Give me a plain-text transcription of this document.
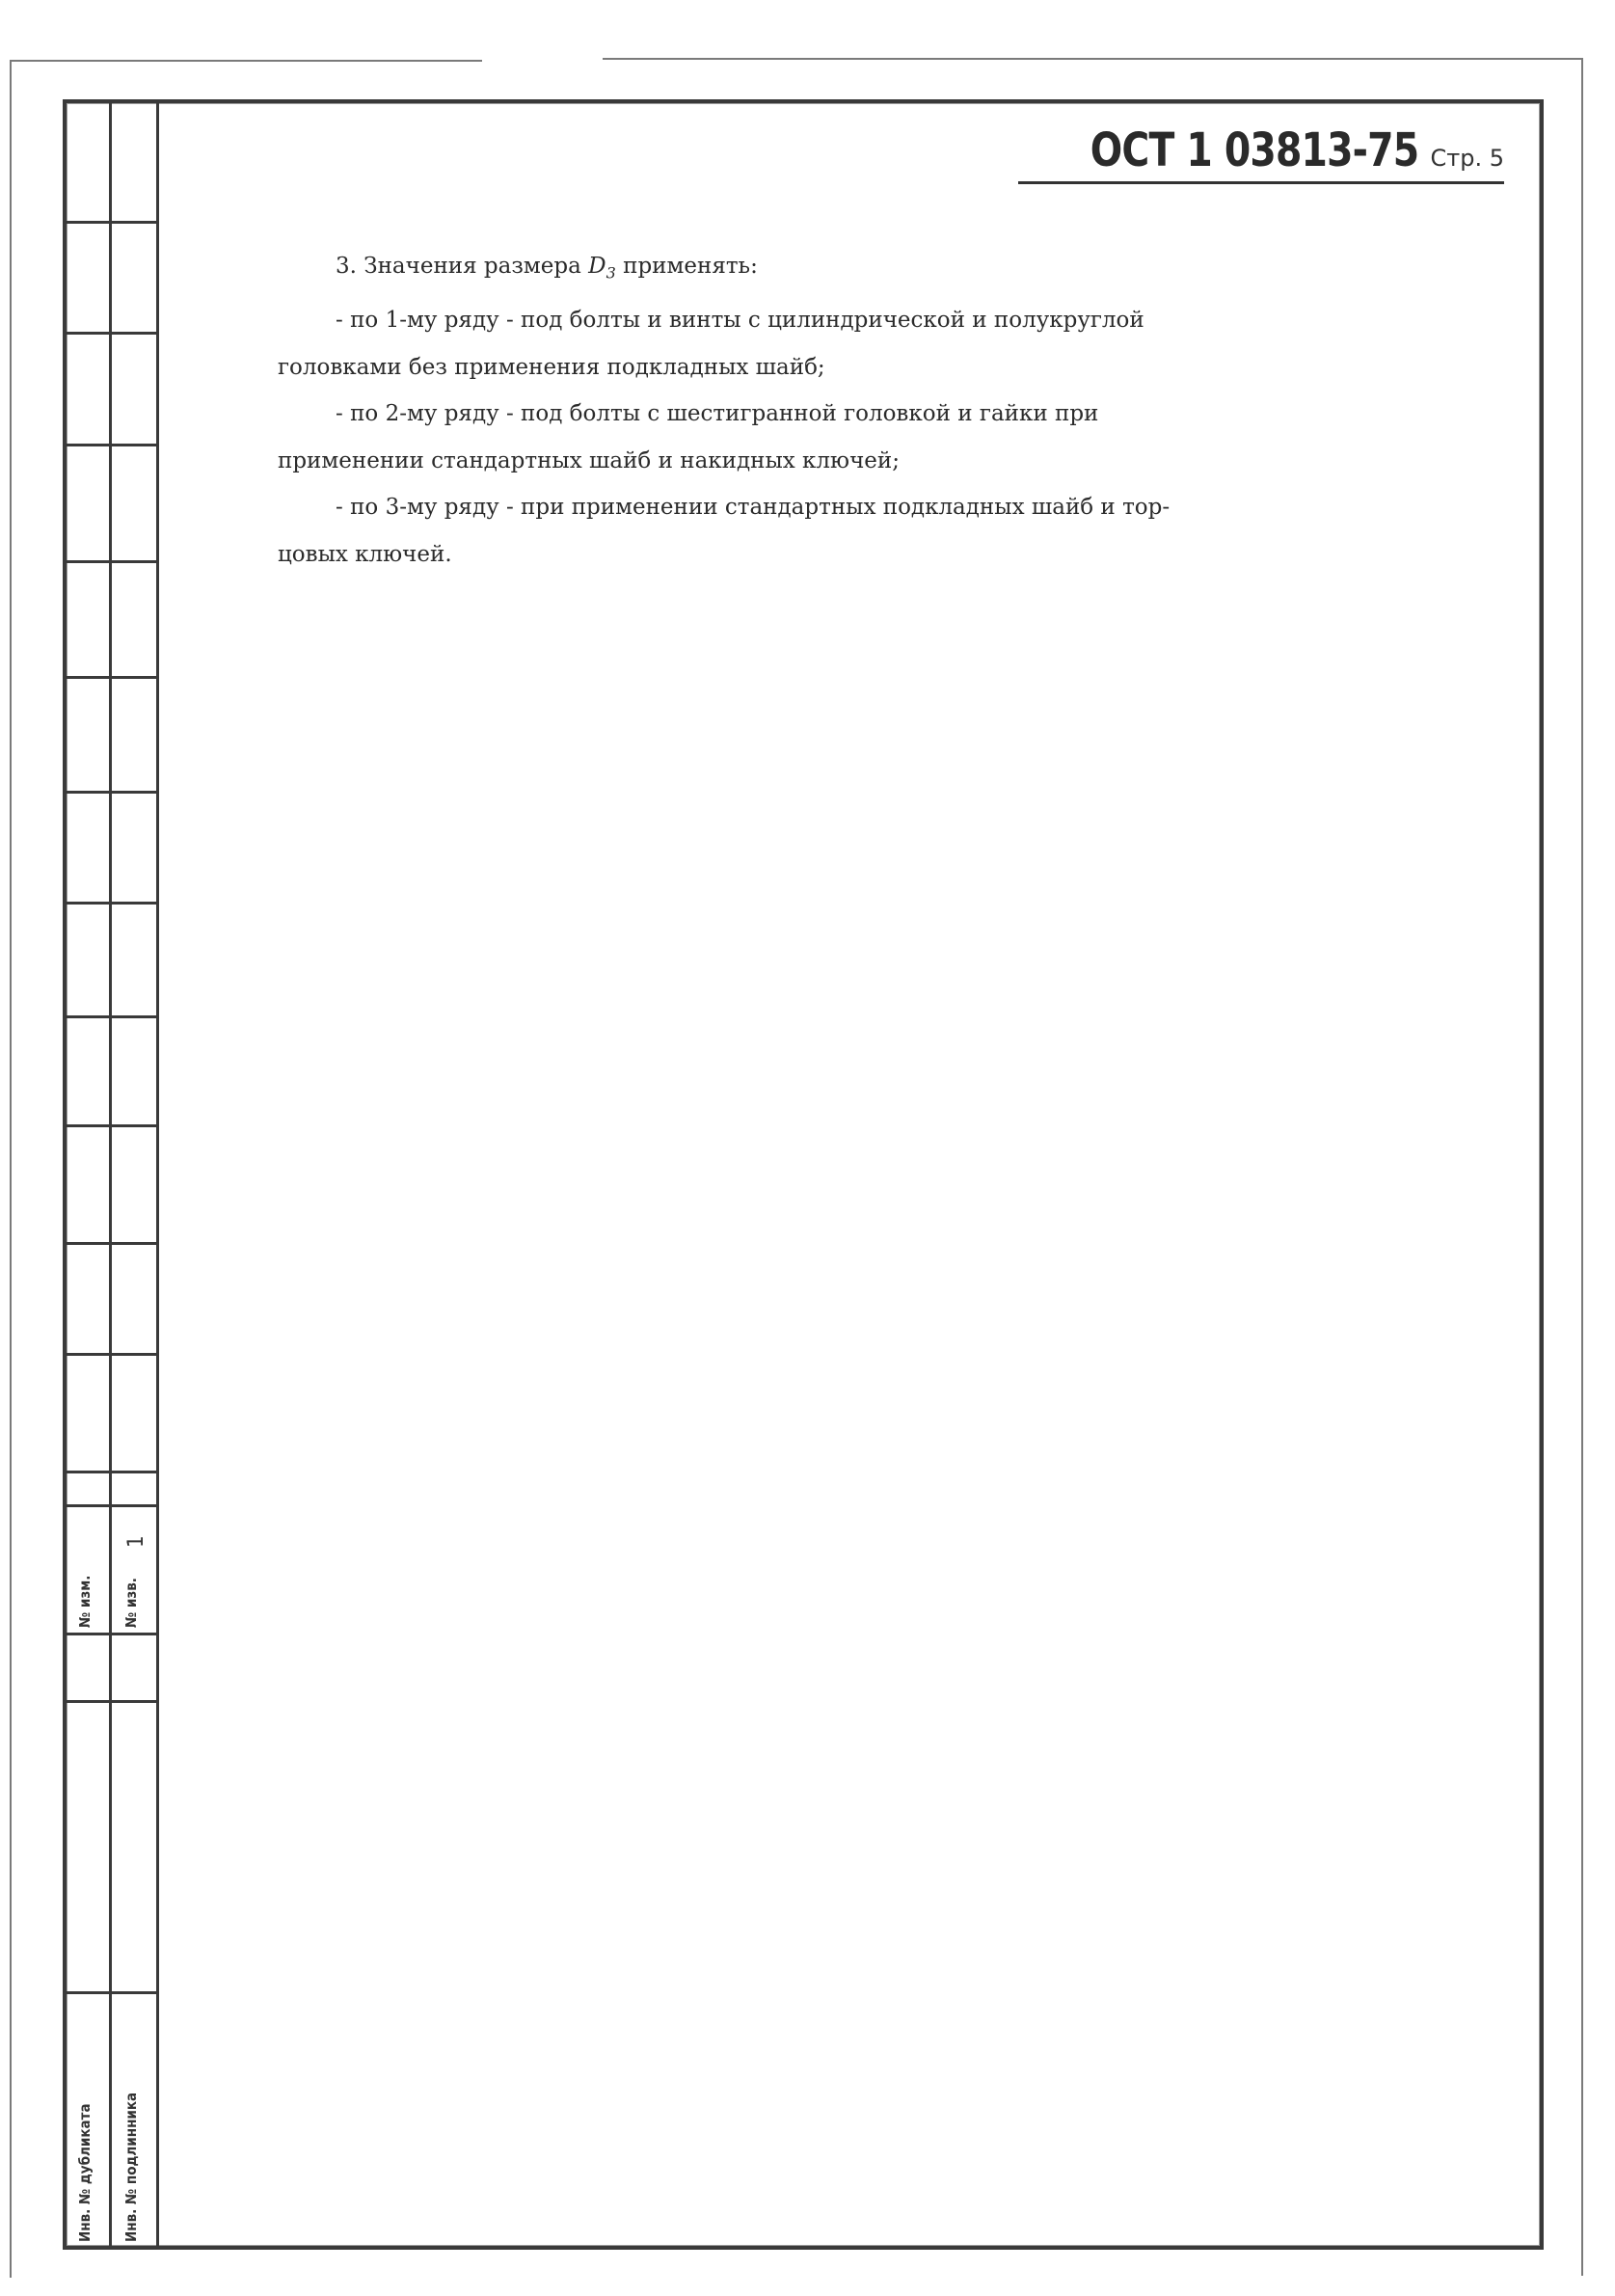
№ изм. № изв.
Инв. № дубликата Инв. № подлинника
1
ОСТ 1 03813-75 Стр. 5

3. Значения размера $D_3$ применять:

- по 1-му ряду - под болты и винты с цилиндрической и полукруглой

головками без применения подкладных шайб;

- по 2-му ряду - под болты с шестигранной головкой и гайки при

применении стандартных шайб и накидных ключей;

- по 3-му ряду - при применении стандартных подкладных шайб и тор-

цовых ключей.
